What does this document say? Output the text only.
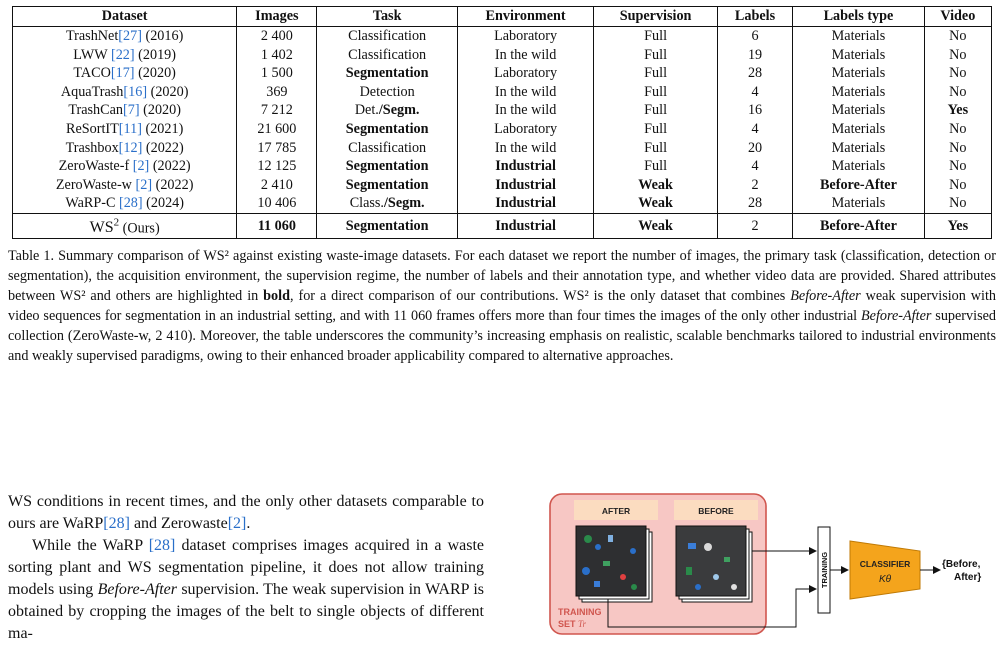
Dataset	Images	Task	Environment	Supervision	Labels	Labels type	Video
TrashNet[27] (2016)	2 400	Classification	Laboratory	Full	6	Materials	No
LWW [22] (2019)	1 402	Classification	In the wild	Full	19	Materials	No
TACO[17] (2020)	1 500	Segmentation	Laboratory	Full	28	Materials	No
AquaTrash[16] (2020)	369	Detection	In the wild	Full	4	Materials	No
TrashCan[7] (2020)	7 212	Det./Segm.	In the wild	Full	16	Materials	Yes
ReSortIT[11] (2021)	21 600	Segmentation	Laboratory	Full	4	Materials	No
Trashbox[12] (2022)	17 785	Classification	In the wild	Full	20	Materials	No
ZeroWaste-f [2] (2022)	12 125	Segmentation	Industrial	Full	4	Materials	No
ZeroWaste-w [2] (2022)	2 410	Segmentation	Industrial	Weak	2	Before-After	No
WaRP-C [28] (2024)	10 406	Class./Segm.	Industrial	Weak	28	Materials	No
$WS^2$ (Ours)	11 060	Segmentation	Industrial	Weak	2	Before-After	Yes
Table 1. Summary comparison of WS² against existing waste-image datasets. For each dataset we report the number of images, the primary task (classification, detection or segmentation), the acquisition environment, the supervision regime, the number of labels and their annotation type, and whether video data are provided. Shared attributes between WS² and others are highlighted in bold, for a direct comparison of our contributions. WS² is the only dataset that combines Before-After weak supervision with video sequences for segmentation in an industrial setting, and with 11 060 frames offers more than four times the images of the only other industrial Before-After supervised collection (ZeroWaste-w, 2 410). Moreover, the table underscores the community’s increasing emphasis on realistic, scalable benchmarks tailored to industrial environments and weakly supervised paradigms, owing to their enhanced broader applicability compared to alternative approaches.

WS conditions in recent times, and the only other datasets comparable to ours are WaRP[28] and Zerowaste[2].

While the WaRP [28] dataset comprises images acquired in a waste sorting plant and WS segmentation pipeline, it does not allow training models using Before-After supervision. The weak supervision in WARP is obtained by cropping the images of the belt to single objects of different ma-

AFTER	BEFORE
TRAINING
SET Tr
TRAINING	CLASSIFIER
Kθ
{Before,
After}
